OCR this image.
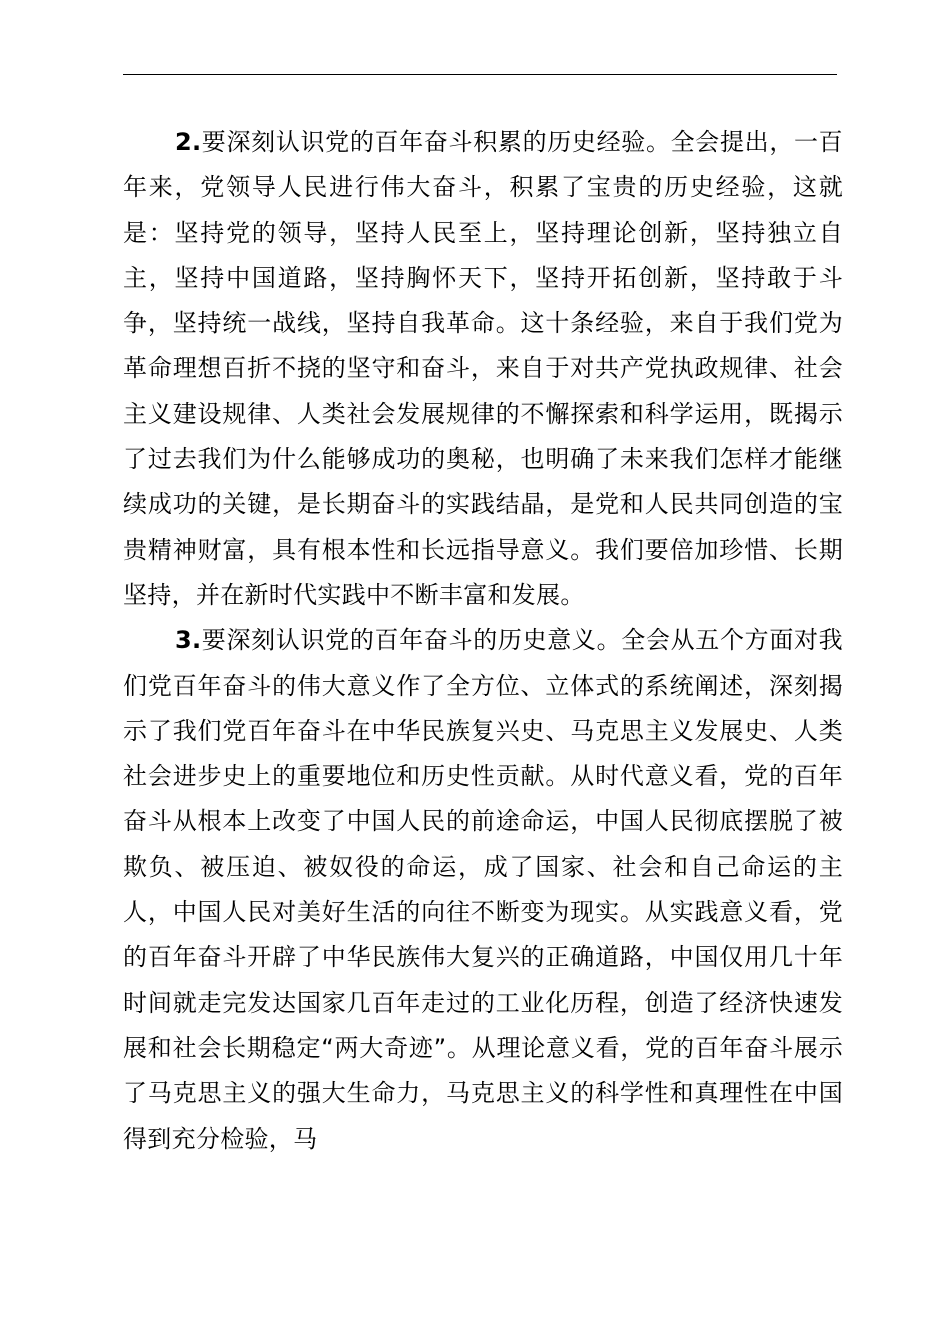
2.要深刻认识党的百年奋斗积累的历史经验。全会提出，一百年来，党领导人民进行伟大奋斗，积累了宝贵的历史经验，这就是：坚持党的领导，坚持人民至上，坚持理论创新，坚持独立自主，坚持中国道路，坚持胸怀天下，坚持开拓创新，坚持敢于斗争，坚持统一战线，坚持自我革命。这十条经验，来自于我们党为革命理想百折不挠的坚守和奋斗，来自于对共产党执政规律、社会主义建设规律、人类社会发展规律的不懈探索和科学运用，既揭示了过去我们为什么能够成功的奥秘，也明确了未来我们怎样才能继续成功的关键，是长期奋斗的实践结晶，是党和人民共同创造的宝贵精神财富，具有根本性和长远指导意义。我们要倍加珍惜、长期坚持，并在新时代实践中不断丰富和发展。

3.要深刻认识党的百年奋斗的历史意义。全会从五个方面对我们党百年奋斗的伟大意义作了全方位、立体式的系统阐述，深刻揭示了我们党百年奋斗在中华民族复兴史、马克思主义发展史、人类社会进步史上的重要地位和历史性贡献。从时代意义看，党的百年奋斗从根本上改变了中国人民的前途命运，中国人民彻底摆脱了被欺负、被压迫、被奴役的命运，成了国家、社会和自己命运的主人，中国人民对美好生活的向往不断变为现实。从实践意义看，党的百年奋斗开辟了中华民族伟大复兴的正确道路，中国仅用几十年时间就走完发达国家几百年走过的工业化历程，创造了经济快速发展和社会长期稳定“两大奇迹”。从理论意义看，党的百年奋斗展示了马克思主义的强大生命力，马克思主义的科学性和真理性在中国得到充分检验，马
